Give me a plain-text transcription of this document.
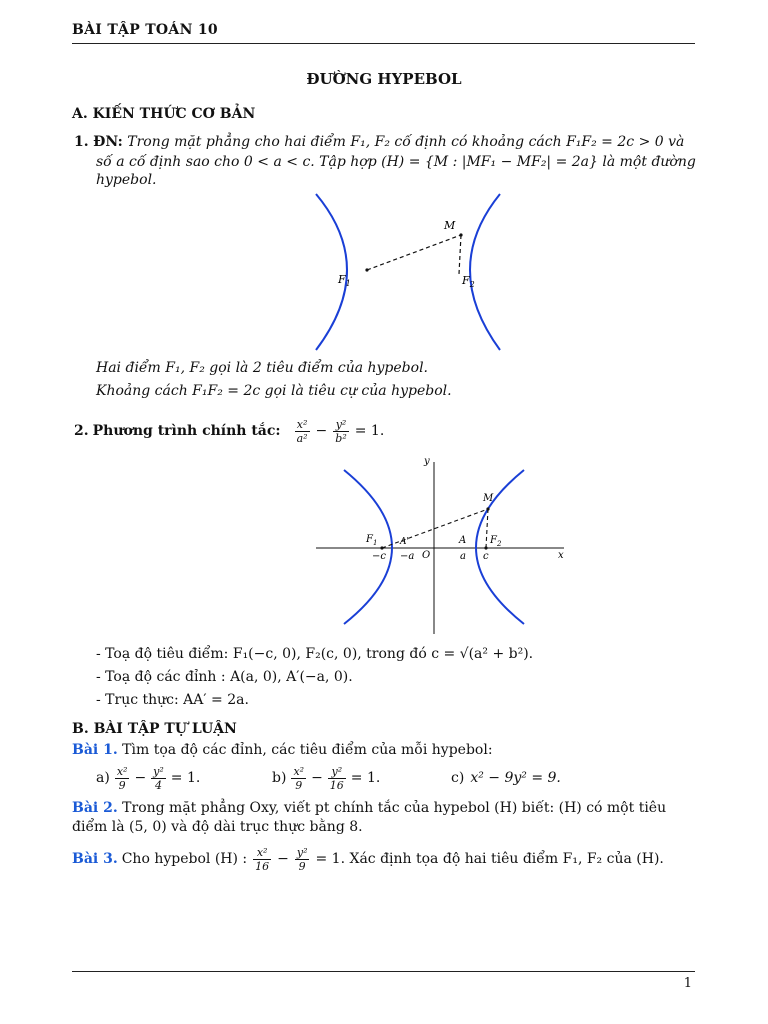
BÀI TẬP TOÁN 10
ĐƯỜNG HYPEBOL
A. KIẾN THỨC CƠ BẢN
1. ĐN: Trong mặt phẳng cho hai điểm F₁, F₂ cố định có khoảng cách F₁F₂ = 2c > 0 và
số a cố định sao cho 0 < a < c. Tập hợp (H) = {M : |MF₁ − MF₂| = 2a} là một đường
hypebol.
M
$F_1$	$F_2$
Hai điểm F₁, F₂ gọi là 2 tiêu điểm của hypebol.
Khoảng cách F₁F₂ = 2c gọi là tiêu cự của hypebol.
2. Phương trình chính tắc: $\frac{\text{x²}}{\text{a²}} - \frac{\text{y²}}{\text{b²}} = 1$.
y
x
O
M
$F_1$	$F_2$
A
A'
−c −a	a c
- Toạ độ tiêu điểm: F₁(−c, 0), F₂(c, 0), trong đó c = √(a² + b²).
- Toạ độ các đỉnh : A(a, 0), A′(−a, 0).
- Trục thực: AA′ = 2a.
B. BÀI TẬP TỰ LUẬN
Bài 1. Tìm tọa độ các đỉnh, các tiêu điểm của mỗi hypebol:
$a) \frac{\text{x²}}{9} - \frac{\text{y²}}{4} = 1$.	$b) \frac{\text{x²}}{9} - \frac{\text{y²}}{16} = 1$.	c) x² − 9y² = 9.
Bài 2. Trong mặt phẳng Oxy, viết pt chính tắc của hypebol (H) biết: (H) có một tiêu
điểm là (5, 0) và độ dài trục thực bằng 8.
Bài 3. Cho hypebol (H) : $\frac{\text{x²}}{16} - \frac{\text{y²}}{9} = 1$. Xác định tọa độ hai tiêu điểm F₁, F₂ của (H).
1
